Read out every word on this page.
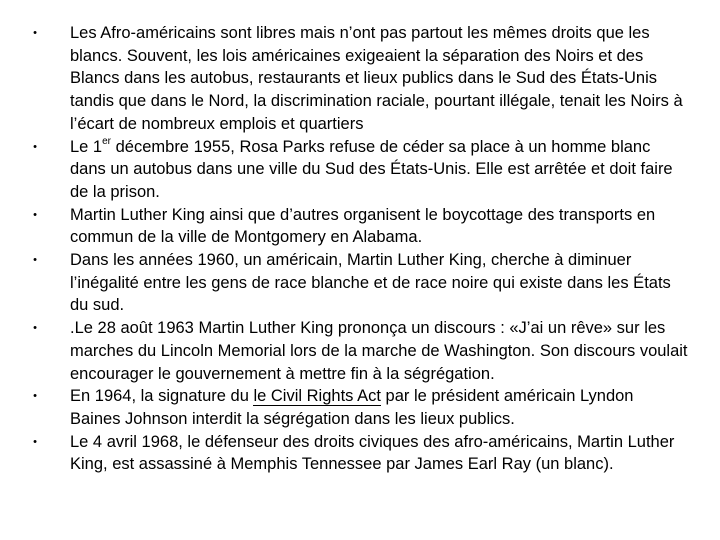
•	Les Afro-américains sont libres mais n’ont pas partout les mêmes droits que les blancs. Souvent, les lois américaines exigeaient la séparation des Noirs et des Blancs dans les autobus, restaurants et lieux publics dans le Sud des États-Unis tandis que dans le Nord, la discrimination raciale, pourtant illégale, tenait les Noirs à l’écart de nombreux emplois et quartiers
•	Le 1er décembre 1955, Rosa Parks refuse de céder sa place à un homme blanc dans un autobus dans une ville du Sud des États-Unis. Elle est arrêtée et doit faire de la prison.
•	Martin Luther King ainsi que d’autres organisent le boycottage des transports en commun de la ville de Montgomery en Alabama.
•	Dans les années 1960, un américain, Martin Luther King, cherche à diminuer l’inégalité entre les gens de race blanche et de race noire qui existe dans les États du sud.
•	.Le 28 août 1963 Martin Luther King prononça un discours : «J’ai un rêve» sur les marches du Lincoln Memorial lors de la marche de Washington. Son discours voulait encourager le gouvernement à mettre fin à la ségrégation.
•	En 1964, la signature du le Civil Rights Act par le président américain Lyndon Baines Johnson interdit la ségrégation dans les lieux publics.
•	Le 4 avril 1968, le défenseur des droits civiques des afro-américains, Martin Luther King, est assassiné à Memphis Tennessee par James Earl Ray (un blanc).
